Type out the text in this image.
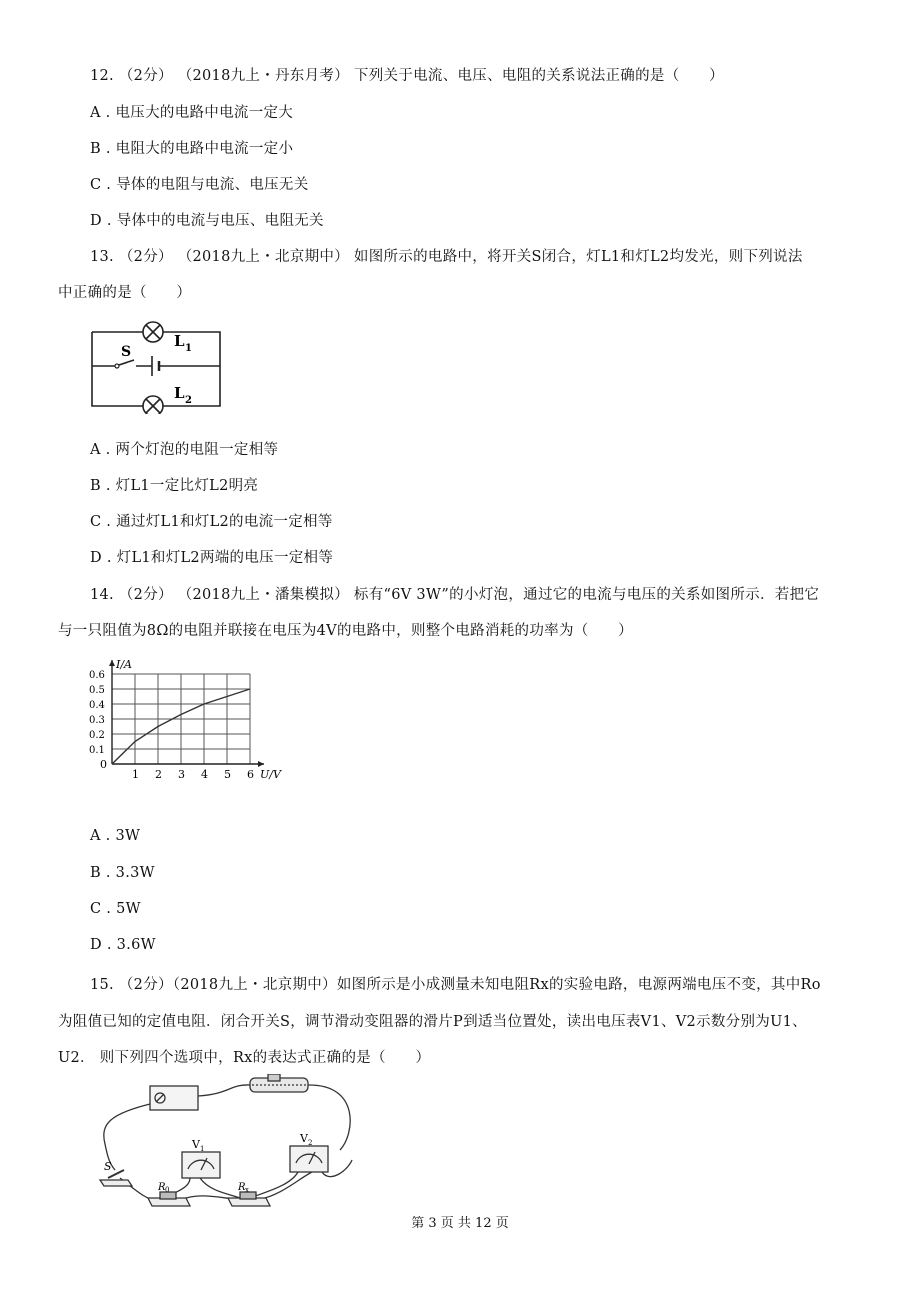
12. （2分） （2018九上・丹东月考） 下列关于电流、电压、电阻的关系说法正确的是（　　）
A . 电压大的电路中电流一定大
B . 电阻大的电路中电流一定小
C . 导体的电阻与电流、电压无关
D . 导体中的电流与电压、电阻无关
13. （2分） （2018九上・北京期中） 如图所示的电路中，将开关S闭合，灯L1和灯L2均发光，则下列说法
中正确的是（　　）
S
L 1
L 2
A . 两个灯泡的电阻一定相等
B . 灯L1一定比灯L2明亮
C . 通过灯L1和灯L2的电流一定相等
D . 灯L1和灯L2两端的电压一定相等
14. （2分） （2018九上・潘集模拟） 标有“6V 3W”的小灯泡，通过它的电流与电压的关系如图所示．若把它
与一只阻值为8Ω的电阻并联接在电压为4V的电路中，则整个电路消耗的功率为（　　）
1 2 3 4 5 6
0.1
0.2
0.3
0.4
0.5
0.6
I/A
U/V
0
A . 3W
B . 3.3W
C . 5W
D . 3.6W
15. （2分）（2018九上・北京期中）如图所示是小成测量未知电阻Rx的实验电路，电源两端电压不变，其中Ro
为阻值已知的定值电阻．闭合开关S，调节滑动变阻器的滑片P到适当位置处，读出电压表V1、V2示数分别为U1、
U2． 则下列四个选项中，Rx的表达式正确的是（　　）
V 1
V 2
S
R 0	R x
第 3 页 共 12 页
